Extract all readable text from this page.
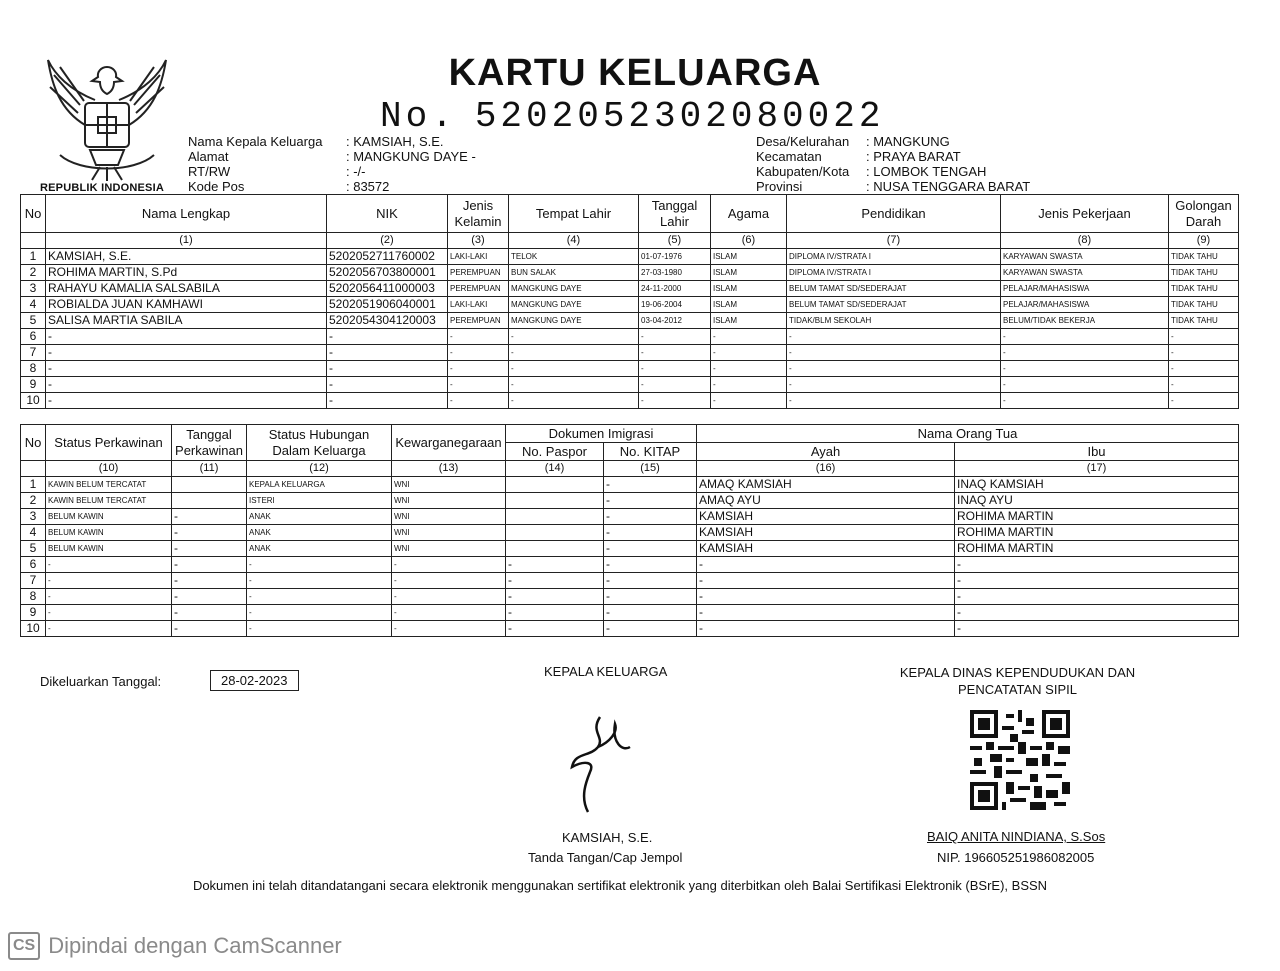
REPUBLIK INDONESIA
KARTU KELUARGA
No. 5202052302080022
Nama Kepala Keluarga	: KAMSIAH, S.E.
Alamat	: MANGKUNG DAYE -
RT/RW	: -/-
Kode Pos	: 83572
Desa/Kelurahan	: MANGKUNG
Kecamatan	: PRAYA BARAT
Kabupaten/Kota	: LOMBOK TENGAH
Provinsi	: NUSA TENGGARA BARAT
No	Nama Lengkap	NIK	Jenis Kelamin	Tempat Lahir	Tanggal Lahir	Agama	Pendidikan	Jenis Pekerjaan	Golongan Darah
	(1)	(2)	(3)	(4)	(5)	(6)	(7)	(8)	(9)
1	KAMSIAH, S.E.	5202052711760002	LAKI-LAKI	TELOK	01-07-1976	ISLAM	DIPLOMA IV/STRATA I	KARYAWAN SWASTA	TIDAK TAHU
2	ROHIMA MARTIN, S.Pd	5202056703800001	PEREMPUAN	BUN SALAK	27-03-1980	ISLAM	DIPLOMA IV/STRATA I	KARYAWAN SWASTA	TIDAK TAHU
3	RAHAYU KAMALIA SALSABILA	5202056411000003	PEREMPUAN	MANGKUNG DAYE	24-11-2000	ISLAM	BELUM TAMAT SD/SEDERAJAT	PELAJAR/MAHASISWA	TIDAK TAHU
4	ROBIALDA JUAN KAMHAWI	5202051906040001	LAKI-LAKI	MANGKUNG DAYE	19-06-2004	ISLAM	BELUM TAMAT SD/SEDERAJAT	PELAJAR/MAHASISWA	TIDAK TAHU
5	SALISA MARTIA SABILA	5202054304120003	PEREMPUAN	MANGKUNG DAYE	03-04-2012	ISLAM	TIDAK/BLM SEKOLAH	BELUM/TIDAK BEKERJA	TIDAK TAHU
6	-	-	-	-	-	-	-	-	-
7	-	-	-	-	-	-	-	-	-
8	-	-	-	-	-	-	-	-	-
9	-	-	-	-	-	-	-	-	-
10	-	-	-	-	-	-	-	-	-
No	Status Perkawinan	Tanggal Perkawinan	Status Hubungan Dalam Keluarga	Kewarganegaraan	Dokumen Imigrasi		Nama Orang Tua	
					No. Paspor	No. KITAP	Ayah	Ibu
	(10)	(11)	(12)	(13)	(14)	(15)	(16)	(17)
1	KAWIN BELUM TERCATAT		KEPALA KELUARGA	WNI		-	AMAQ KAMSIAH	INAQ KAMSIAH
2	KAWIN BELUM TERCATAT		ISTERI	WNI		-	AMAQ AYU	INAQ AYU
3	BELUM KAWIN	-	ANAK	WNI		-	KAMSIAH	ROHIMA MARTIN
4	BELUM KAWIN	-	ANAK	WNI		-	KAMSIAH	ROHIMA MARTIN
5	BELUM KAWIN	-	ANAK	WNI		-	KAMSIAH	ROHIMA MARTIN
6	-	-	-	-	-	-	-	-
7	-	-	-	-	-	-	-	-
8	-	-	-	-	-	-	-	-
9	-	-	-	-	-	-	-	-
10	-	-	-	-	-	-	-	-
Dikeluarkan Tanggal:	28-02-2023
KEPALA KELUARGA
KAMSIAH, S.E.
Tanda Tangan/Cap Jempol
KEPALA DINAS KEPENDUDUKAN DAN
PENCATATAN SIPIL
BAIQ ANITA NINDIANA, S.Sos
NIP. 196605251986082005
Dokumen ini telah ditandatangani secara elektronik menggunakan sertifikat elektronik yang diterbitkan oleh Balai Sertifikasi Elektronik (BSrE), BSSN
CS Dipindai dengan CamScanner
